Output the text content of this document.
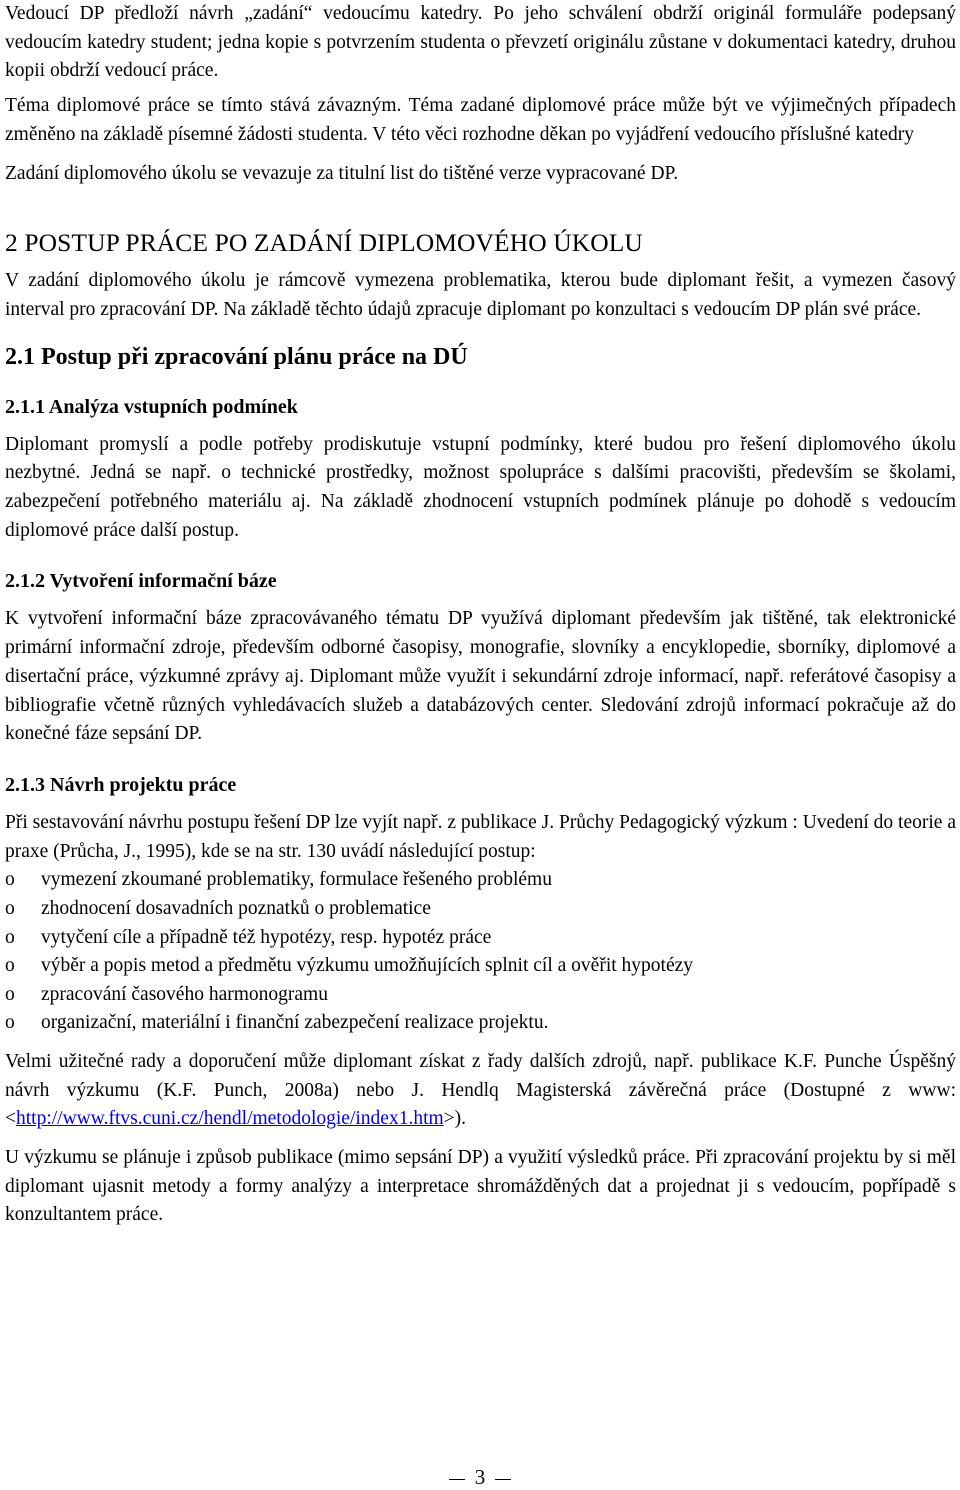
Vedoucí DP předloží návrh „zadání“ vedoucímu katedry. Po jeho schválení obdrží originál formuláře podepsaný vedoucím katedry student; jedna kopie s potvrzením studenta o převzetí originálu zůstane v dokumentaci katedry, druhou kopii obdrží vedoucí práce.

Téma diplomové práce se tímto stává závazným. Téma zadané diplomové práce může být ve výjimečných případech změněno na základě písemné žádosti studenta. V této věci rozhodne děkan po vyjádření vedoucího příslušné katedry

Zadání diplomového úkolu se vevazuje za titulní list do tištěné verze vypracované DP.

2 POSTUP PRÁCE PO ZADÁNÍ DIPLOMOVÉHO ÚKOLU

V zadání diplomového úkolu je rámcově vymezena problematika, kterou bude diplomant řešit, a vymezen časový interval pro zpracování DP. Na základě těchto údajů zpracuje diplomant po konzultaci s vedoucím DP plán své práce.

2.1 Postup při zpracování plánu práce na DÚ
2.1.1 Analýza vstupních podmínek

Diplomant promyslí a podle potřeby prodiskutuje vstupní podmínky, které budou pro řešení diplomového úkolu nezbytné. Jedná se např. o technické prostředky, možnost spolupráce s dalšími pracovišti, především se školami, zabezpečení potřebného materiálu aj. Na základě zhodnocení vstupních podmínek plánuje po dohodě s vedoucím diplomové práce další postup.

2.1.2 Vytvoření informační báze

K vytvoření informační báze zpracovávaného tématu DP využívá diplomant především jak tištěné, tak elektronické primární informační zdroje, především odborné časopisy, monografie, slovníky a encyklopedie, sborníky, diplomové a disertační práce, výzkumné zprávy aj. Diplomant může využít i sekundární zdroje informací, např. referátové časopisy a bibliografie včetně různých vyhledávacích služeb a databázových center. Sledování zdrojů informací pokračuje až do konečné fáze sepsání DP.

2.1.3 Návrh projektu práce

Při sestavování návrhu postupu řešení DP lze vyjít např. z publikace J. Průchy Pedagogický výzkum : Uvedení do teorie a praxe (Průcha, J., 1995), kde se na str. 130 uvádí následující postup:

o vymezení zkoumané problematiky, formulace řešeného problému
o zhodnocení dosavadních poznatků o problematice
o vytyčení cíle a případně též hypotézy, resp. hypotéz práce
o výběr a popis metod a předmětu výzkumu umožňujících splnit cíl a ověřit hypotézy
o zpracování časového harmonogramu
o organizační, materiální i finanční zabezpečení realizace projektu.

Velmi užitečné rady a doporučení může diplomant získat z řady dalších zdrojů, např. publikace K.F. Punche Úspěšný návrh výzkumu (K.F. Punch, 2008a) nebo J. Hendlq Magisterská závěrečná práce (Dostupné z www: <http://www.ftvs.cuni.cz/hendl/metodologie/index1.htm>).

U výzkumu se plánuje i způsob publikace (mimo sepsání DP) a využití výsledků práce. Při zpracování projektu by si měl diplomant ujasnit metody a formy analýzy a interpretace shromážděných dat a projednat ji s vedoucím, popřípadě s konzultantem práce.

3
